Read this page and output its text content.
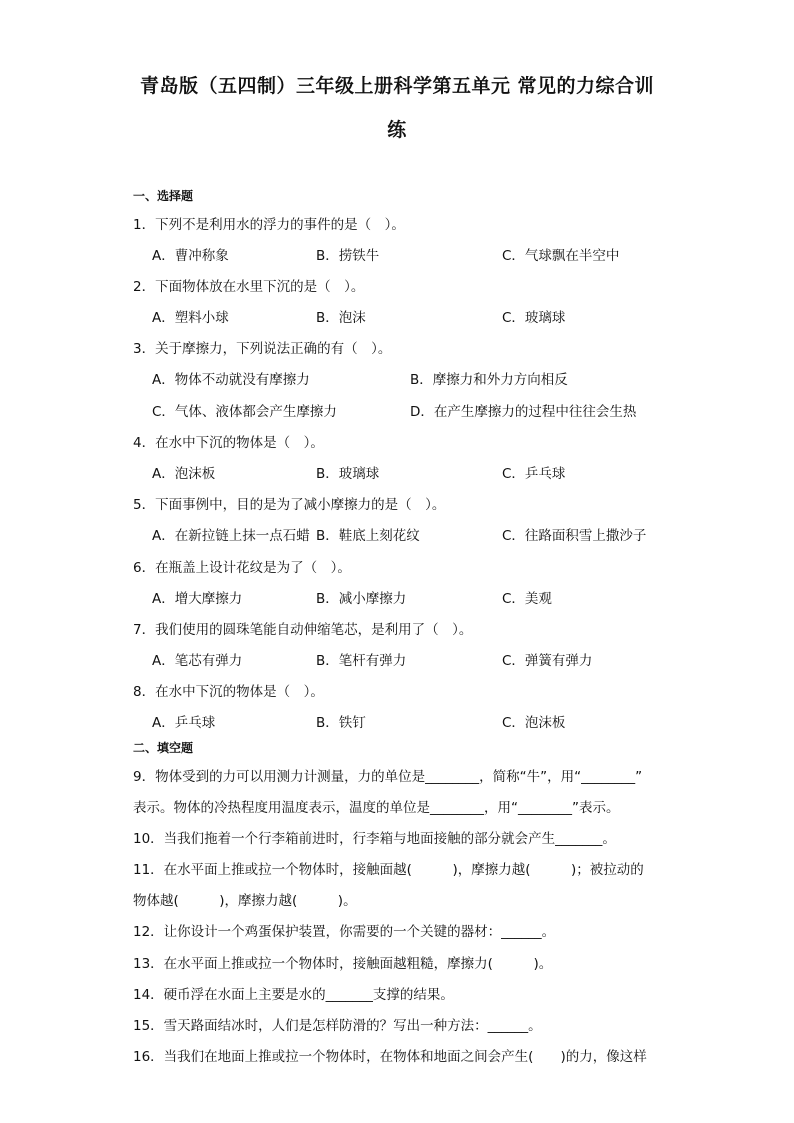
青岛版（五四制）三年级上册科学第五单元 常见的力综合训
练
一、选择题
1．下列不是利用水的浮力的事件的是（　）。
A．曹冲称象	B．捞铁牛	C．气球飘在半空中
2．下面物体放在水里下沉的是（　）。
A．塑料小球	B．泡沫	C．玻璃球
3．关于摩擦力，下列说法正确的有（　）。
A．物体不动就没有摩擦力	B．摩擦力和外力方向相反
C．气体、液体都会产生摩擦力	D．在产生摩擦力的过程中往往会生热
4．在水中下沉的物体是（　）。
A．泡沫板	B．玻璃球	C．乒乓球
5．下面事例中，目的是为了减小摩擦力的是（　）。
A．在新拉链上抹一点石蜡 B．鞋底上刻花纹	C．往路面积雪上撒沙子
6．在瓶盖上设计花纹是为了（　）。
A．增大摩擦力	B．减小摩擦力	C．美观
7．我们使用的圆珠笔能自动伸缩笔芯，是利用了（　）。
A．笔芯有弹力	B．笔杆有弹力	C．弹簧有弹力
8．在水中下沉的物体是（　）。
A．乒乓球	B．铁钉	C．泡沫板
二、填空题
9．物体受到的力可以用测力计测量，力的单位是________，简称“牛”，用“________”
表示。物体的冷热程度用温度表示，温度的单位是________，用“________”表示。
10．当我们拖着一个行李箱前进时，行李箱与地面接触的部分就会产生_______。
11．在水平面上推或拉一个物体时，接触面越(　　　)，摩擦力越(　　　)；被拉动的
物体越(　　　)，摩擦力越(　　　)。
12．让你设计一个鸡蛋保护装置，你需要的一个关键的器材：______。
13．在水平面上推或拉一个物体时，接触面越粗糙，摩擦力(　　　)。
14．硬币浮在水面上主要是水的_______支撑的结果。
15．雪天路面结冰时，人们是怎样防滑的？写出一种方法：______。
16．当我们在地面上推或拉一个物体时，在物体和地面之间会产生(　　)的力，像这样
